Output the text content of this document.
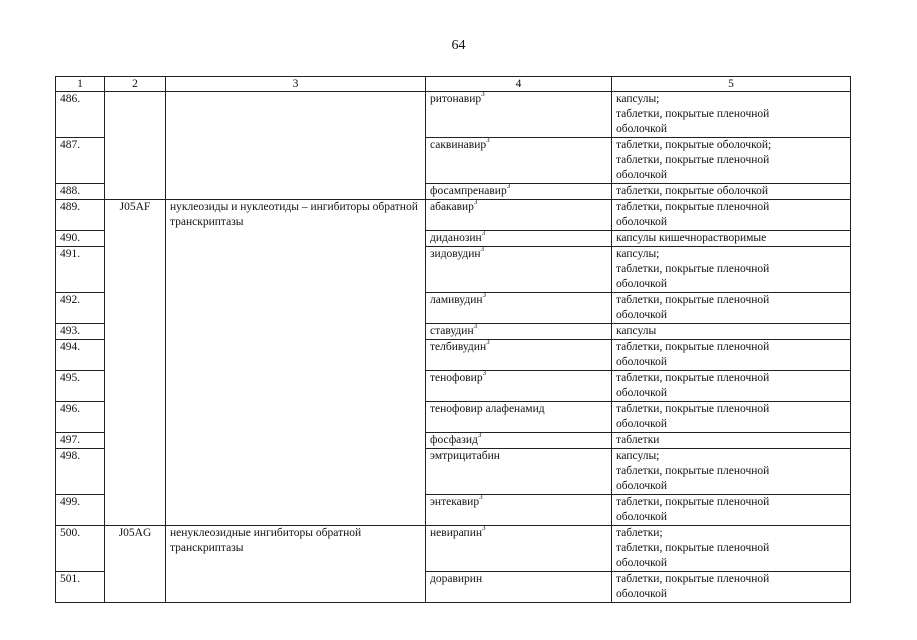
64
1	2	3	4	5
486.			ритонавир$^3$	капсулы;
таблетки, покрытые пленочной
оболочкой

487.			саквинавир$^3$	таблетки, покрытые оболочкой;
таблетки, покрытые пленочной
оболочкой

488.			фосампренавир$^3$	таблетки, покрытые оболочкой

489.	J05AF	нуклеозиды и нуклеотиды – ингибиторы обратной транскриптазы	абакавир$^3$	таблетки, покрытые пленочной
оболочкой

490.			диданозин$^3$	капсулы кишечнорастворимые

491.			зидовудин$^3$	капсулы;
таблетки, покрытые пленочной
оболочкой

492.			ламивудин$^3$	таблетки, покрытые пленочной
оболочкой

493.			ставудин$^3$	капсулы

494.			телбивудин$^3$	таблетки, покрытые пленочной
оболочкой

495.			тенофовир$^3$	таблетки, покрытые пленочной
оболочкой

496.			тенофовир алафенамид	таблетки, покрытые пленочной
оболочкой

497.			фосфазид$^3$	таблетки

498.			эмтрицитабин	капсулы;
таблетки, покрытые пленочной
оболочкой

499.			энтекавир$^3$	таблетки, покрытые пленочной
оболочкой

500.	J05AG	ненуклеозидные ингибиторы обратной транскриптазы	невирапин$^3$	таблетки;
таблетки, покрытые пленочной
оболочкой

501.			доравирин	таблетки, покрытые пленочной
оболочкой
